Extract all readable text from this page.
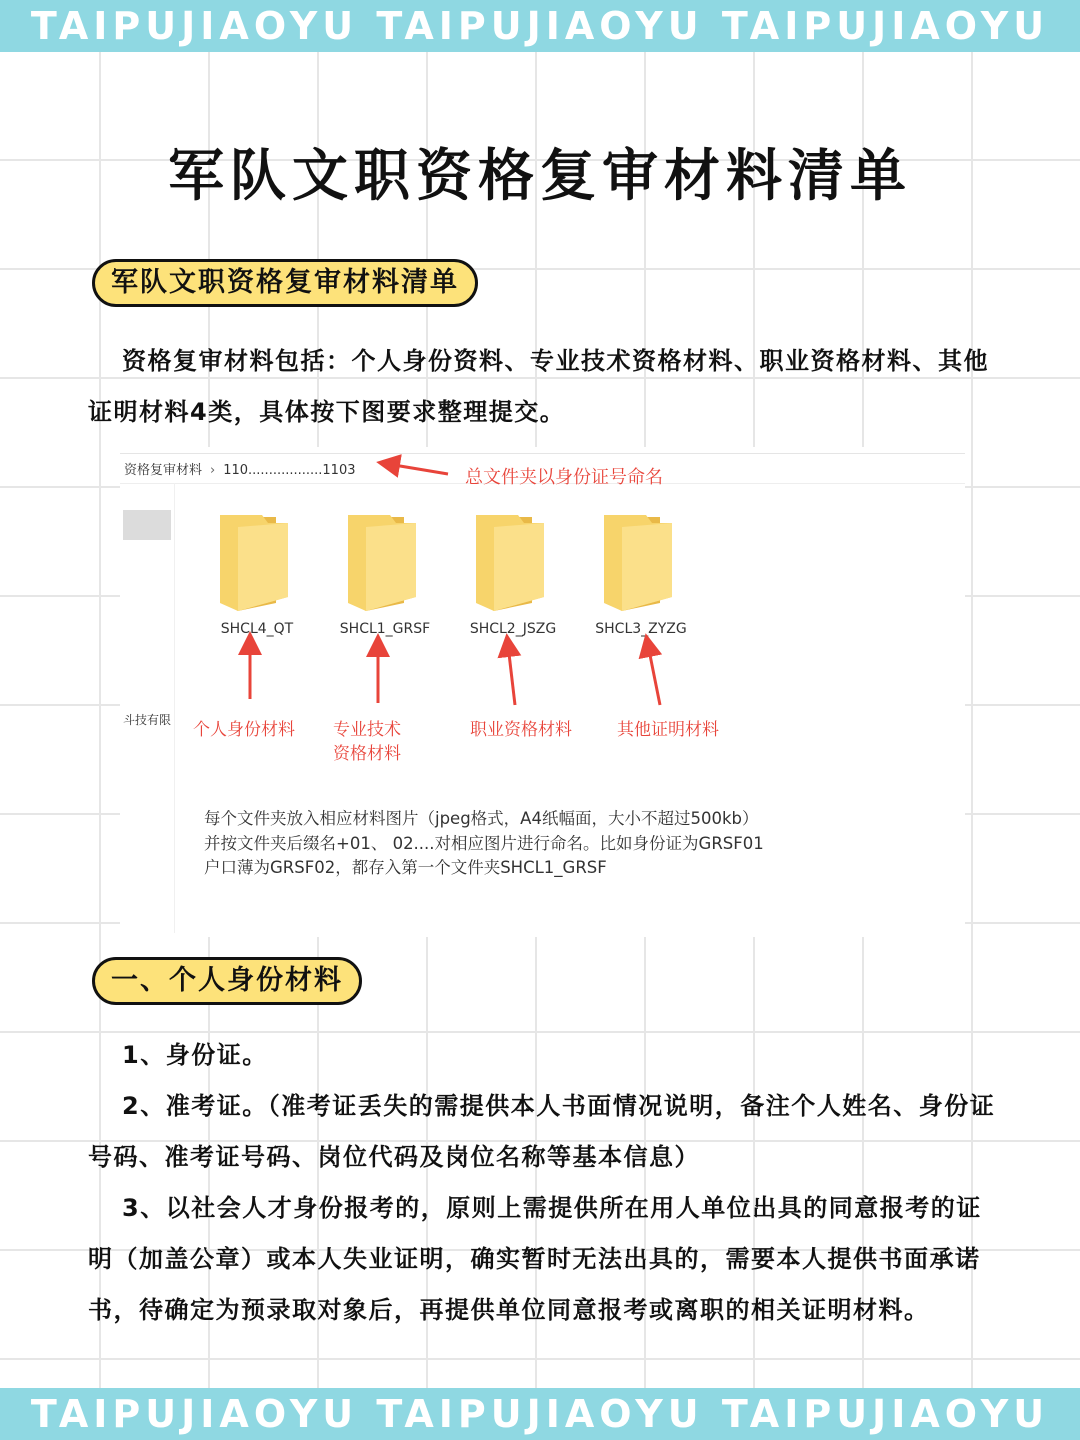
TAIPUJIAOYU TAIPUJIAOYU TAIPUJIAOYU
军队文职资格复审材料清单
军队文职资格复审材料清单
资格复审材料包括：个人身份资料、专业技术资格材料、职业资格材料、其他证明材料4类，具体按下图要求整理提交。
资格复审材料 › 110..................1103	总文件夹以身份证号命名
斗技有限
SHCL4_QT	SHCL1_GRSF	SHCL2_JSZG	SHCL3_ZYZG
个人身份材料 专业技术
资格材料
职业资格材料	其他证明材料
每个文件夹放入相应材料图片（jpeg格式，A4纸幅面，大小不超过500kb）
并按文件夹后缀名+01、 02....对相应图片进行命名。比如身份证为GRSF01
户口薄为GRSF02，都存入第一个文件夹SHCL1_GRSF
一、个人身份材料
1、身份证。
2、准考证。（准考证丢失的需提供本人书面情况说明，备注个人姓名、身份证号码、准考证号码、岗位代码及岗位名称等基本信息）
3、以社会人才身份报考的，原则上需提供所在用人单位出具的同意报考的证明（加盖公章）或本人失业证明，确实暂时无法出具的，需要本人提供书面承诺书，待确定为预录取对象后，再提供单位同意报考或离职的相关证明材料。
TAIPUJIAOYU TAIPUJIAOYU TAIPUJIAOYU
